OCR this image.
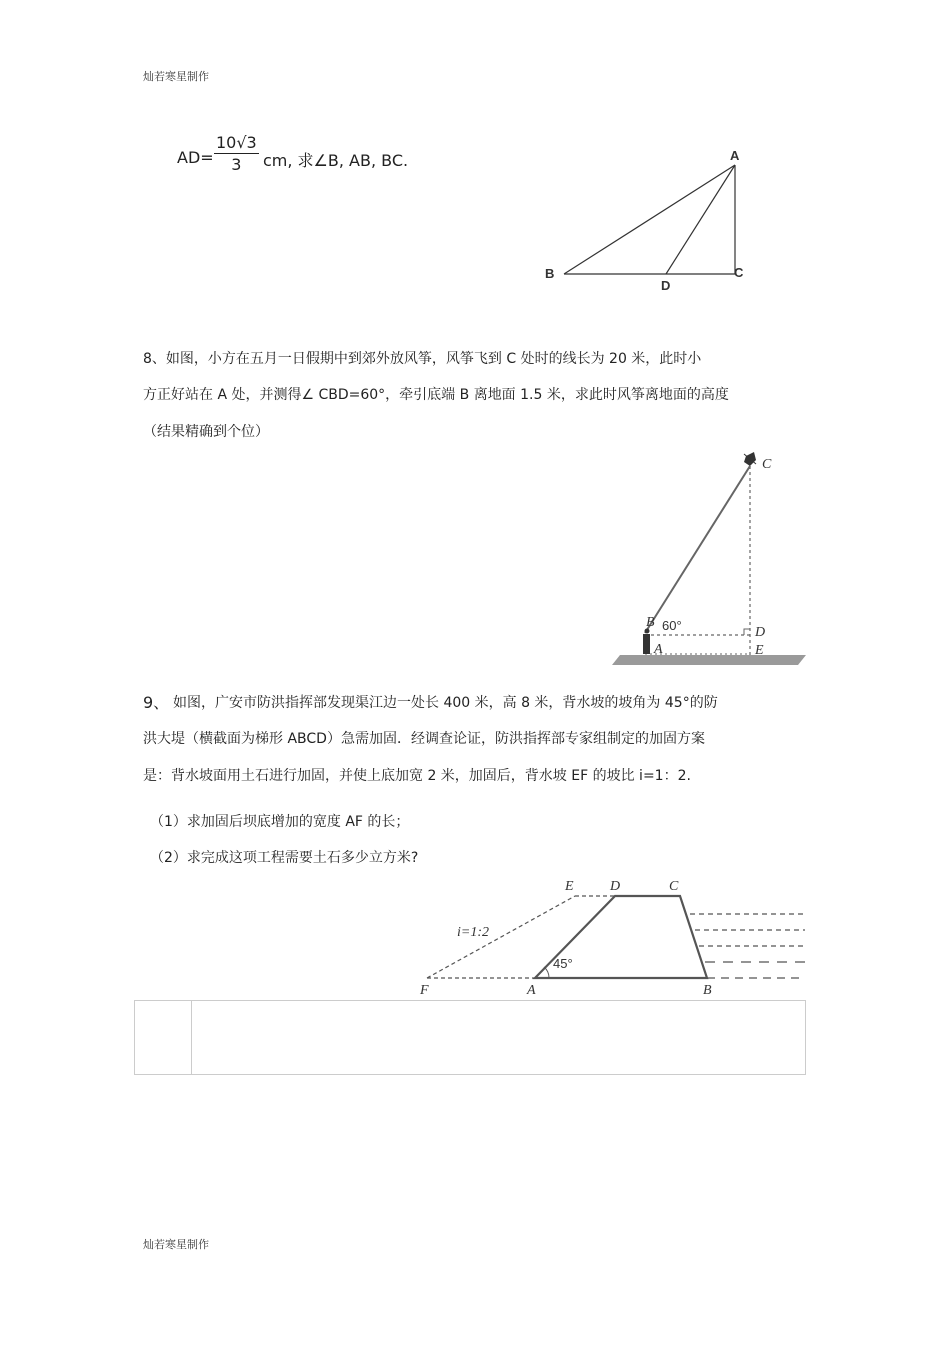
灿若寒星制作
$AD= \frac{10√3}{3}$ cm, 求∠B, AB, BC.	A
B	C
D
8、如图，小方在五月一日假期中到郊外放风筝，风筝飞到 C 处时的线长为 20 米，此时小
方正好站在 A 处，并测得∠ CBD=60°，牵引底端 B 离地面 1.5 米，求此时风筝离地面的高度
（结果精确到个位）
C
B
A
D
E
60°
9、 如图，广安市防洪指挥部发现渠江边一处长 400 米，高 8 米，背水坡的坡角为 45°的防
洪大堤（横截面为梯形 ABCD）急需加固．经调查论证，防洪指挥部专家组制定的加固方案
是：背水坡面用土石进行加固，并使上底加宽 2 米，加固后，背水坡 EF 的坡比 i=1：2.
（1）求加固后坝底增加的宽度 AF 的长；
（2）求完成这项工程需要土石多少立方米?
E	D	C
F	A	B
i=1:2
45°
灿若寒星制作
